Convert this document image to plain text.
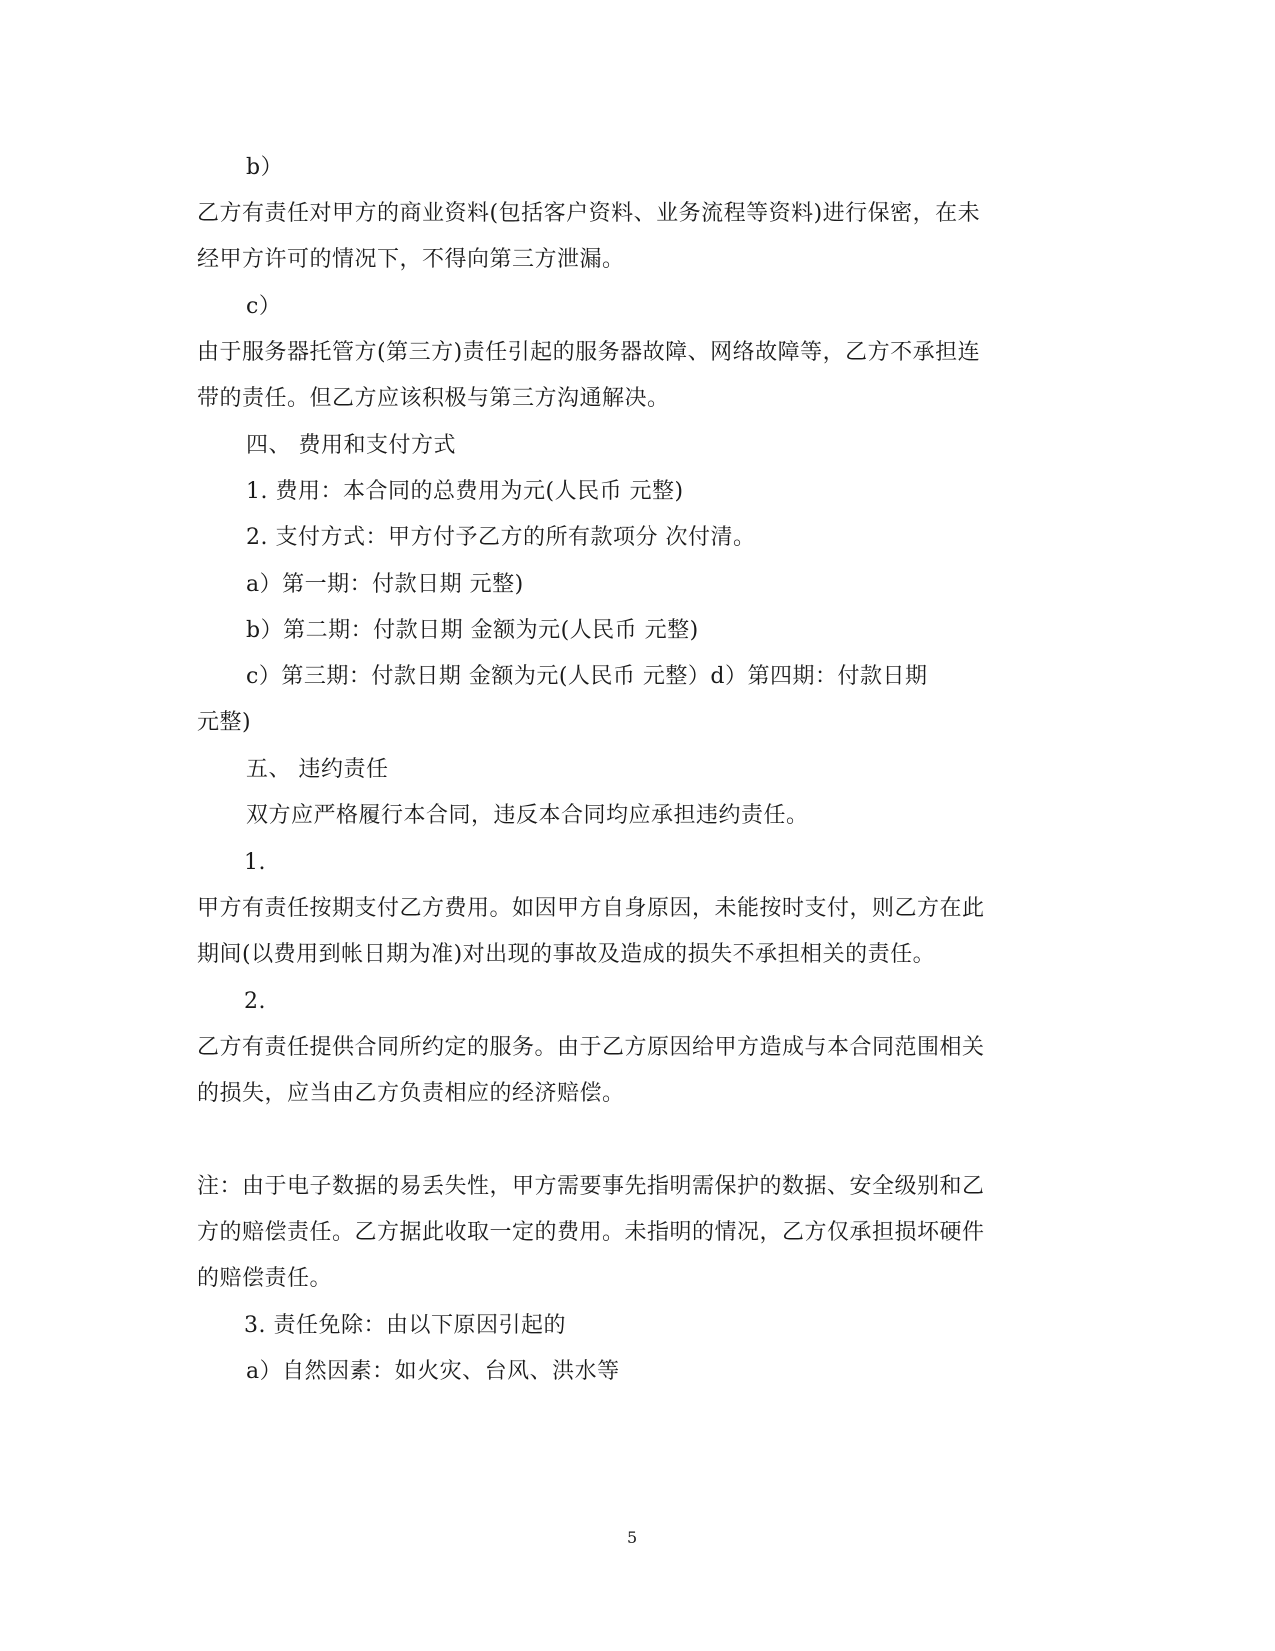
b）
乙方有责任对甲方的商业资料(包括客户资料、业务流程等资料)进行保密，在未
经甲方许可的情况下，不得向第三方泄漏。
c）
由于服务器托管方(第三方)责任引起的服务器故障、网络故障等，乙方不承担连
带的责任。但乙方应该积极与第三方沟通解决。
四、 费用和支付方式
1. 费用：本合同的总费用为元(人民币 元整)
2. 支付方式：甲方付予乙方的所有款项分 次付清。
a）第一期：付款日期 元整)
b）第二期：付款日期 金额为元(人民币 元整)
c）第三期：付款日期 金额为元(人民币 元整）d）第四期：付款日期
元整)
五、 违约责任
双方应严格履行本合同，违反本合同均应承担违约责任。
1.
甲方有责任按期支付乙方费用。如因甲方自身原因，未能按时支付，则乙方在此
期间(以费用到帐日期为准)对出现的事故及造成的损失不承担相关的责任。
2.
乙方有责任提供合同所约定的服务。由于乙方原因给甲方造成与本合同范围相关
的损失，应当由乙方负责相应的经济赔偿。
注：由于电子数据的易丢失性，甲方需要事先指明需保护的数据、安全级别和乙
方的赔偿责任。乙方据此收取一定的费用。未指明的情况，乙方仅承担损坏硬件
的赔偿责任。
3. 责任免除：由以下原因引起的
a）自然因素：如火灾、台风、洪水等
5
